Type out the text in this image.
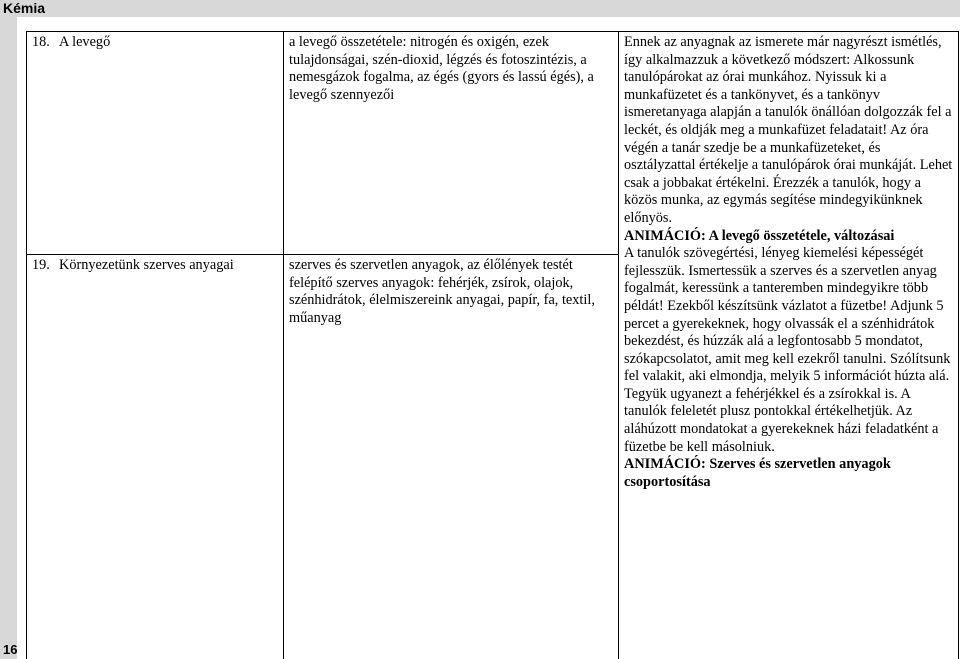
Kémia
16
18. A levegő	a levegő összetétele: nitrogén és oxigén, ezek tulajdonságai, szén-dioxid, légzés és fotoszintézis, a nemesgázok fogalma, az égés (gyors és lassú égés), a levegő szennyezői	Ennek az anyagnak az ismerete már nagyrészt ismétlés, így alkalmazzuk a következő módszert: Alkossunk tanulópárokat az órai munkához. Nyissuk ki a munkafüzetet és a tankönyvet, és a tankönyv ismeretanyaga alapján a tanulók önállóan dolgozzák fel a leckét, és oldják meg a munkafüzet feladatait! Az óra végén a tanár szedje be a munkafüzeteket, és osztályzattal értékelje a tanulópárok órai munkáját. Lehet csak a jobbakat értékelni. Érezzék a tanulók, hogy a közös munka, az egymás segítése mindegyikünknek előnyös.

ANIMÁCIÓ: A levegő összetétele, változásai

A tanulók szövegértési, lényeg kiemelési képességét fejlesszük. Ismertessük a szerves és a szervetlen anyag fogalmát, keressünk a tanteremben mindegyikre több példát! Ezekből készítsünk vázlatot a füzetbe! Adjunk 5 percet a gyerekeknek, hogy olvassák el a szénhidrátok bekezdést, és húzzák alá a legfontosabb 5 mondatot, szókapcsolatot, amit meg kell ezekről tanulni. Szólítsunk fel valakit, aki elmondja, melyik 5 információt húzta alá. Tegyük ugyanezt a fehérjékkel és a zsírokkal is. A tanulók feleletét plusz pontokkal értékelhetjük. Az aláhúzott mondatokat a gyerekeknek házi feladatként a füzetbe be kell másolniuk.

ANIMÁCIÓ: Szerves és szervetlen anyagok csoportosítása

19. Környezetünk szerves anyagai	szerves és szervetlen anyagok, az élőlények testét felépítő szerves anyagok: fehérjék, zsírok, olajok, szénhidrátok, élelmiszereink anyagai, papír, fa, textil, műanyag	
